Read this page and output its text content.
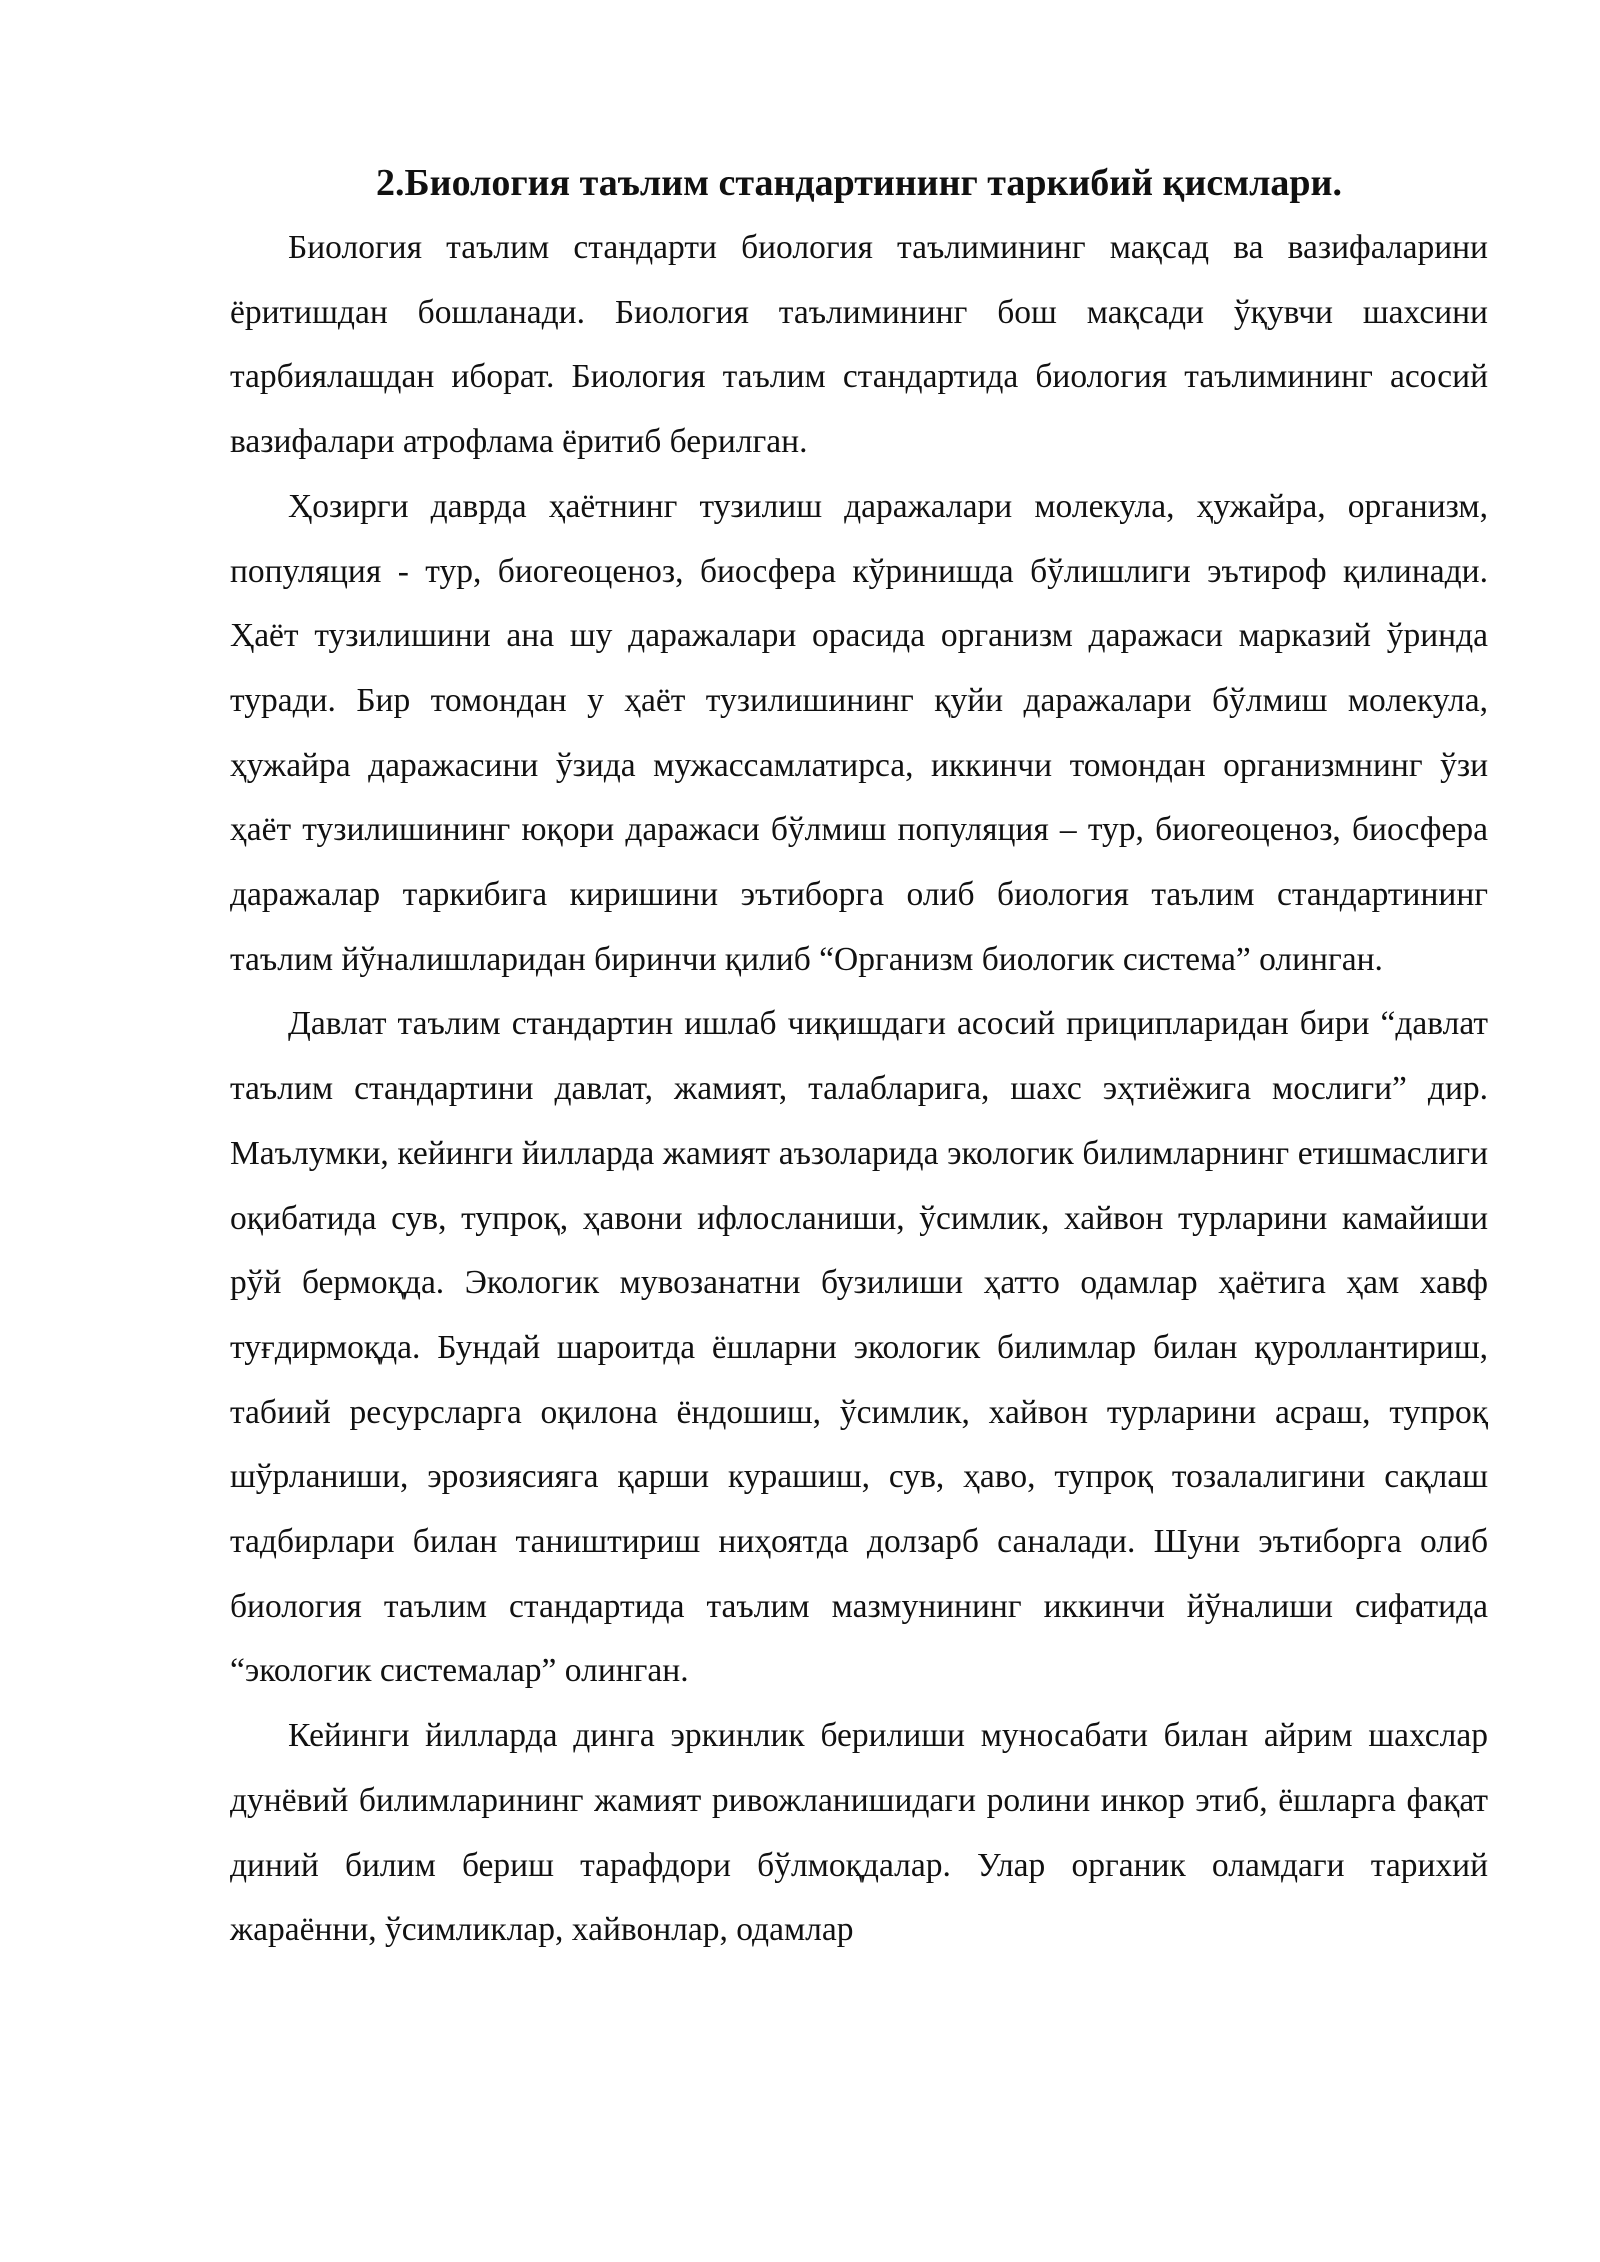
2.Биология таълим стандартининг таркибий қисмлари.

Биология таълим стандарти биология таълимининг мақсад ва вазифаларини ёритишдан бошланади. Биология таълимининг бош мақсади ўқувчи шахсини тарбиялашдан иборат. Биология таълим стандартида биология таълимининг асосий вазифалари атрофлама ёритиб берилган.

Ҳозирги даврда ҳаётнинг тузилиш даражалари молекула, ҳужайра, организм, популяция - тур, биогеоценоз, биосфера кўринишда бўлишлиги эътироф қилинади. Ҳаёт тузилишини ана шу даражалари орасида организм даражаси марказий ўринда туради. Бир томондан у ҳаёт тузилишининг қуйи даражалари бўлмиш молекула, ҳужайра даражасини ўзида мужассамлатирса, иккинчи томондан организмнинг ўзи ҳаёт тузилишининг юқори даражаси бўлмиш популяция – тур, биогеоценоз, биосфера даражалар таркибига киришини эътиборга олиб биология таълим стандартининг таълим йўналишларидан биринчи қилиб “Организм биологик система” олинган.

Давлат таълим стандартин ишлаб чиқишдаги асосий приципларидан бири “давлат таълим стандартини давлат, жамият, талабларига, шахс эҳтиёжига мослиги” дир. Маълумки, кейинги йилларда жамият аъзоларида экологик билимларнинг етишмаслиги оқибатида сув, тупроқ, ҳавони ифлосланиши, ўсимлик, хайвон турларини камайиши рўй бермоқда. Экологик мувозанатни бузилиши ҳатто одамлар ҳаётига ҳам хавф туғдирмоқда. Бундай шароитда ёшларни экологик билимлар билан қуроллантириш, табиий ресурсларга оқилона ёндошиш, ўсимлик, хайвон турларини асраш, тупроқ шўрланиши, эрозиясияга қарши курашиш, сув, ҳаво, тупроқ тозалалигини сақлаш тадбирлари билан таништириш ниҳоятда долзарб саналади. Шуни эътиборга олиб биология таълим стандартида таълим мазмунининг иккинчи йўналиши сифатида “экологик системалар” олинган.

Кейинги йилларда динга эркинлик берилиши муносабати билан айрим шахслар дунёвий билимларининг жамият ривожланишидаги ролини инкор этиб, ёшларга фақат диний билим бериш тарафдори бўлмоқдалар. Улар органик оламдаги тарихий жараённи, ўсимликлар, хайвонлар, одамлар
